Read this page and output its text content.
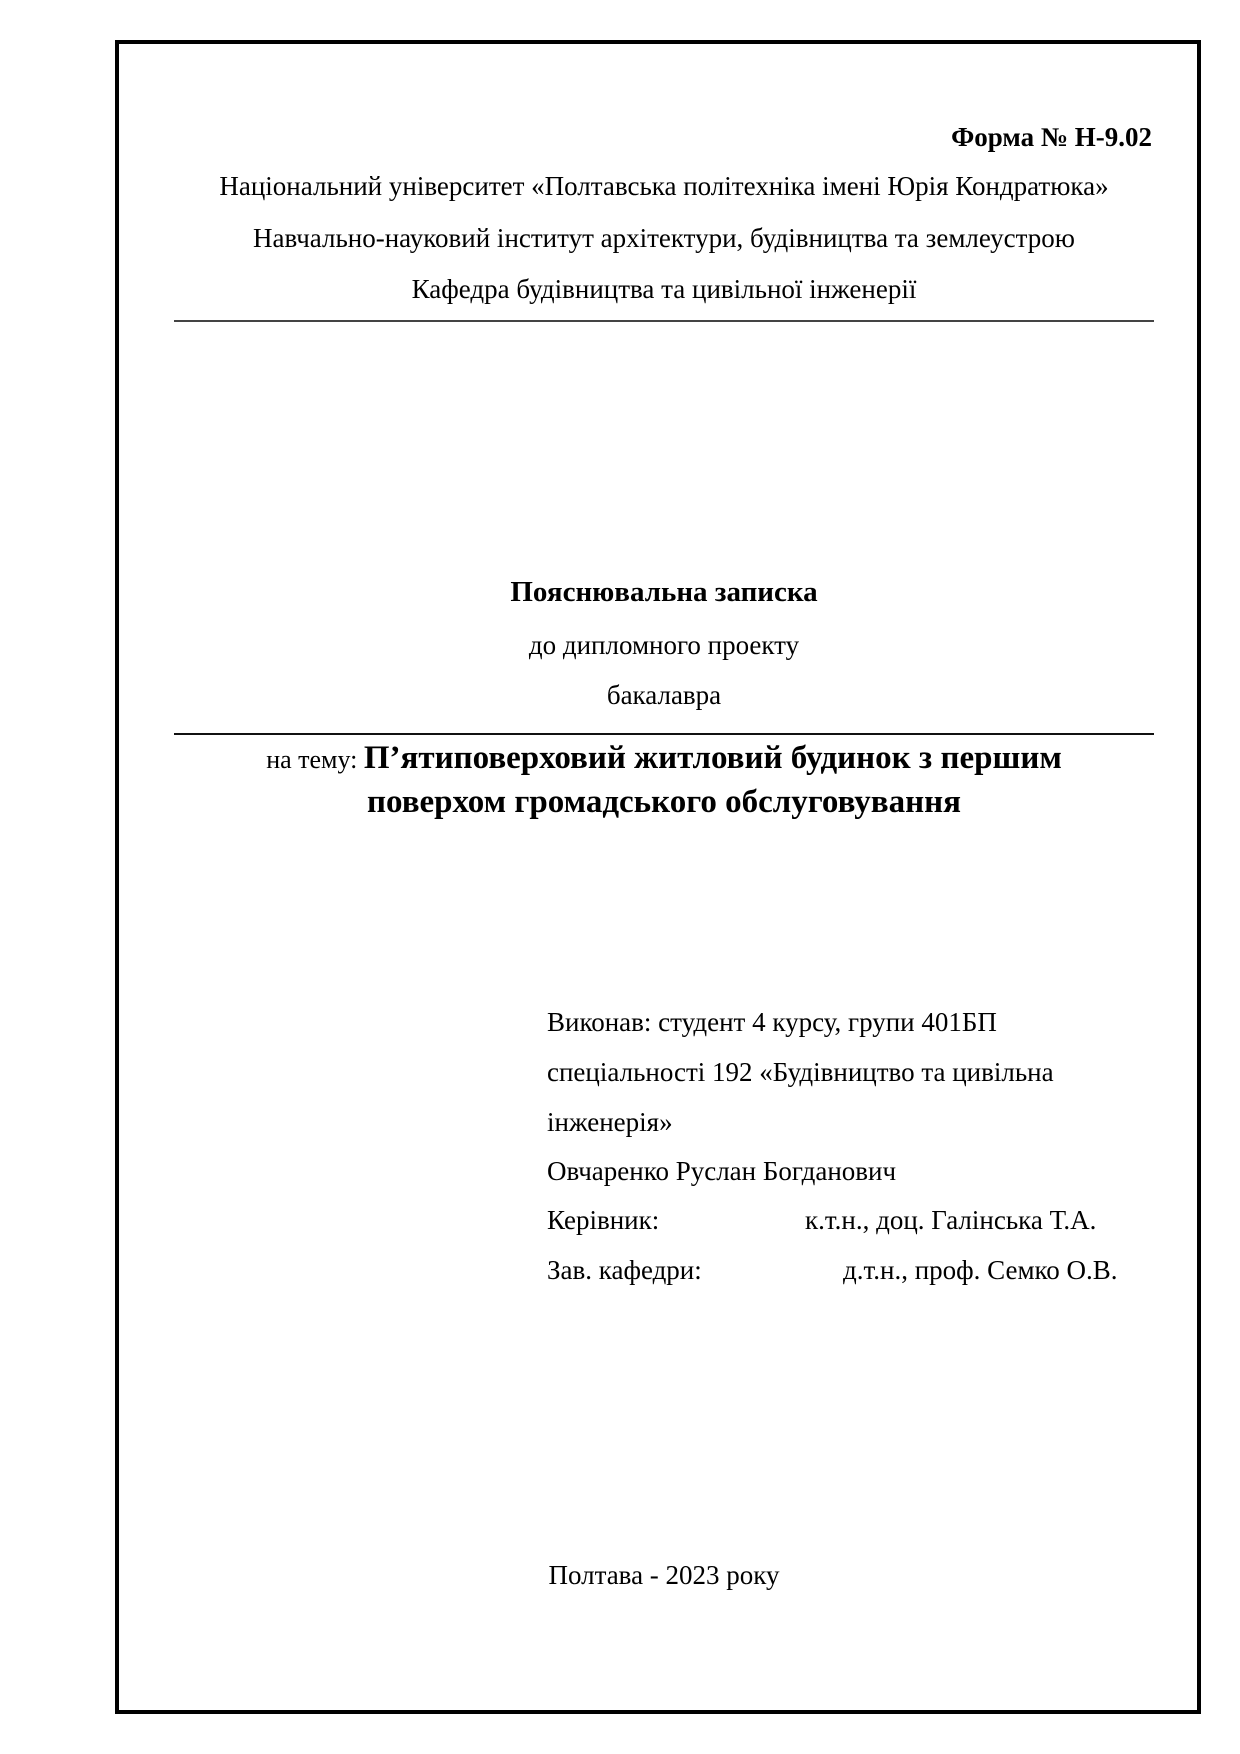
Форма № Н-9.02
Національний університет «Полтавська політехніка імені Юрія Кондратюка»
Навчально-науковий інститут архітектури, будівництва та землеустрою
Кафедра будівництва та цивільної інженерії
Пояснювальна записка
до дипломного проекту
бакалавра
на тему: П’ятиповерховий житловий будинок з першим
поверхом громадського обслуговування
Виконав: студент 4 курсу, групи 401БП
спеціальності 192 «Будівництво та цивільна
інженерія»
Овчаренко Руслан Богданович
Керівник:	к.т.н., доц. Галінська Т.А.
Зав. кафедри:	д.т.н., проф. Семко О.В.
Полтава - 2023 року
